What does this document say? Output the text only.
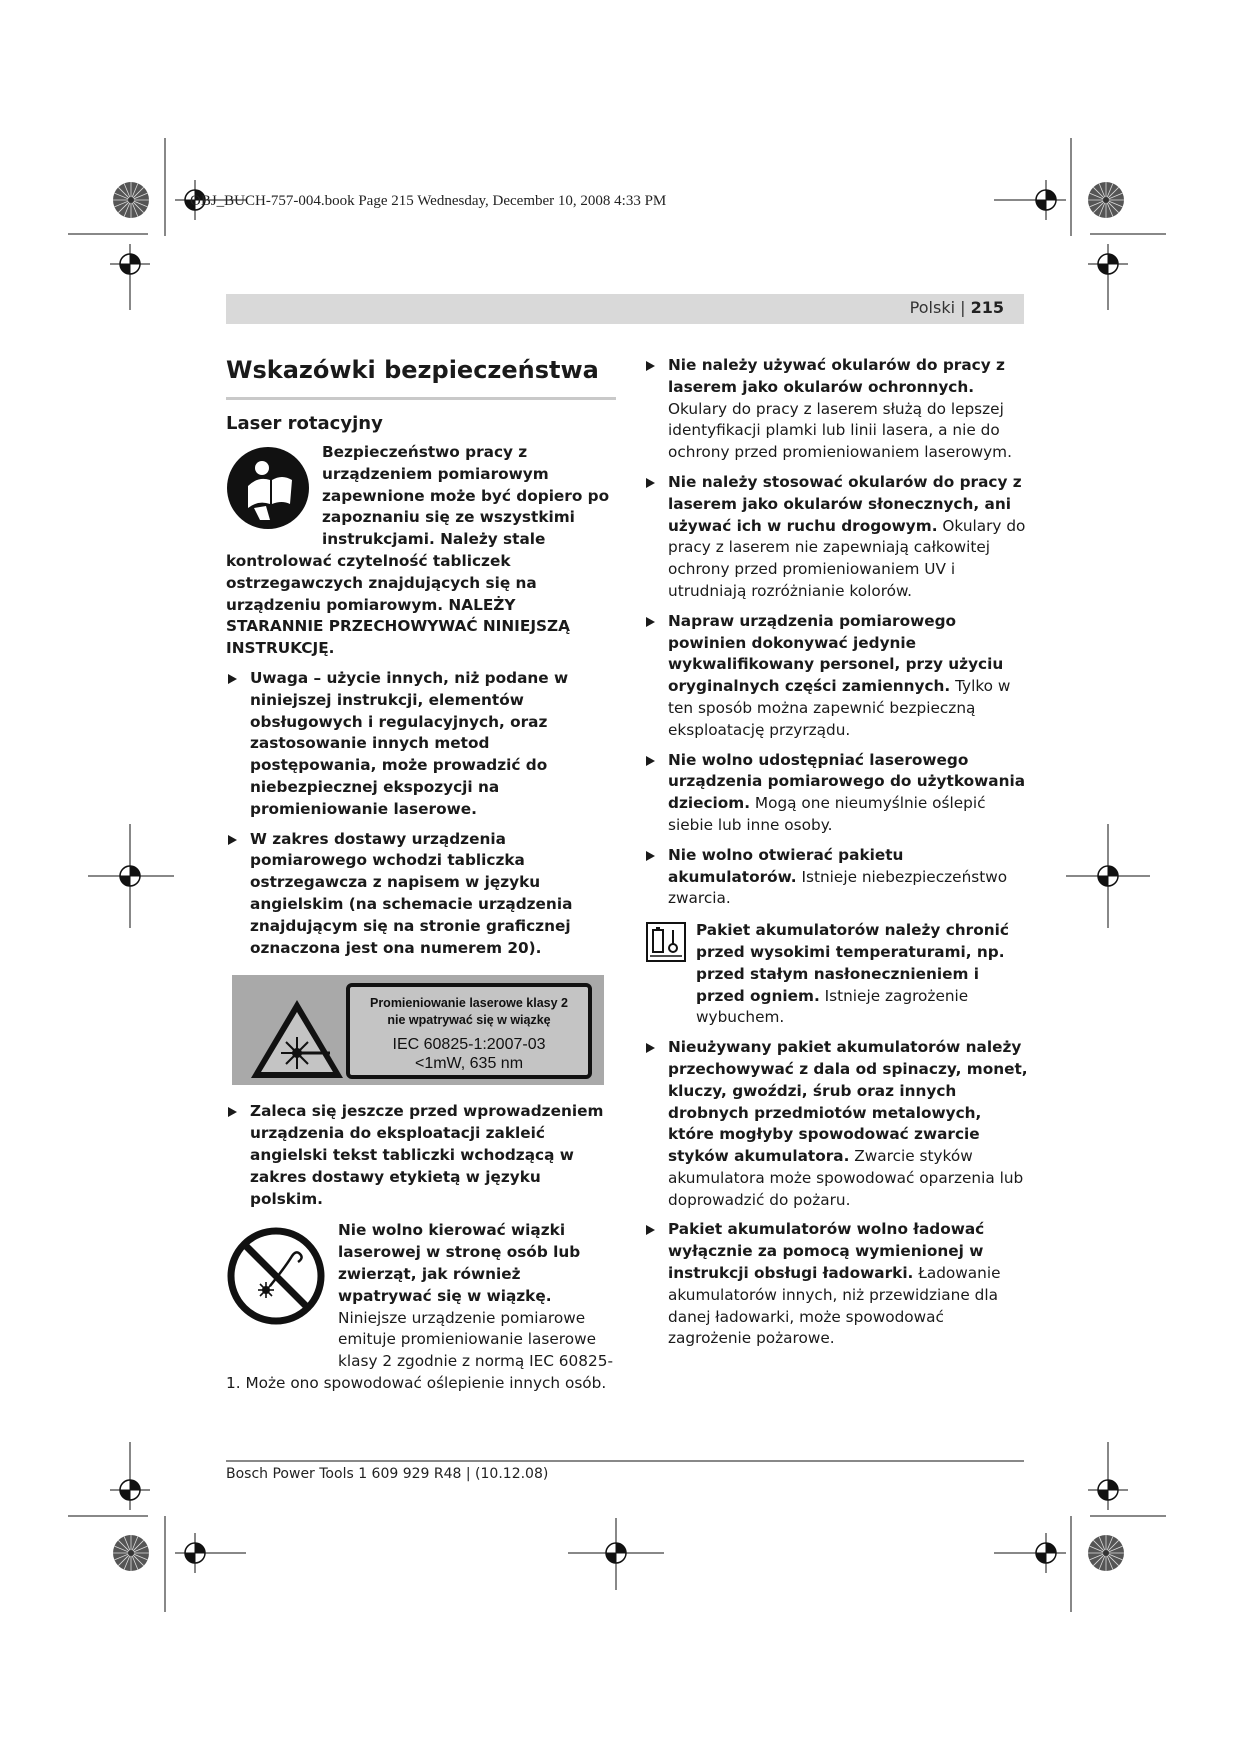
OBJ_BUCH-757-004.book Page 215 Wednesday, December 10, 2008 4:33 PM
Polski | 215
Wskazówki bezpieczeństwa
Laser rotacyjny
Bezpieczeństwo pracy z urządzeniem pomiarowym zapewnione może być dopiero po zapoznaniu się ze wszystkimi instrukcjami. Należy stale kontrolować czytelność tabliczek ostrzegawczych znajdujących się na urządzeniu pomiarowym. NALEŻY STARANNIE PRZECHOWYWAĆ NINIEJSZĄ INSTRUKCJĘ.
Uwaga – użycie innych, niż podane w niniejszej instrukcji, elementów obsługowych i regulacyjnych, oraz zastosowanie innych metod postępowania, może prowadzić do niebezpiecznej ekspozycji na promieniowanie laserowe.
W zakres dostawy urządzenia pomiarowego wchodzi tabliczka ostrzegawcza z napisem w języku angielskim (na schemacie urządzenia znajdującym się na stronie graficznej oznaczona jest ona numerem 20).
Promieniowanie laserowe klasy 2
nie wpatrywać się w wiązkę
IEC 60825-1:2007-03
<1mW, 635 nm
Zaleca się jeszcze przed wprowadzeniem urządzenia do eksploatacji zakleić angielski tekst tabliczki wchodzącą w zakres dostawy etykietą w języku polskim.
Nie wolno kierować wiązki laserowej w stronę osób lub zwierząt, jak również wpatrywać się w wiązkę. Niniejsze urządzenie pomiarowe emituje promieniowanie laserowe klasy 2 zgodnie z normą IEC 60825-1. Może ono spowodować oślepienie innych osób.
Nie należy używać okularów do pracy z laserem jako okularów ochronnych. Okulary do pracy z laserem służą do lepszej identyfikacji plamki lub linii lasera, a nie do ochrony przed promieniowaniem laserowym.
Nie należy stosować okularów do pracy z laserem jako okularów słonecznych, ani używać ich w ruchu drogowym. Okulary do pracy z laserem nie zapewniają całkowitej ochrony przed promieniowaniem UV i utrudniają rozróżnianie kolorów.
Napraw urządzenia pomiarowego powinien dokonywać jedynie wykwalifikowany personel, przy użyciu oryginalnych części zamiennych. Tylko w ten sposób można zapewnić bezpieczną eksploatację przyrządu.
Nie wolno udostępniać laserowego urządzenia pomiarowego do użytkowania dzieciom. Mogą one nieumyślnie oślepić siebie lub inne osoby.
Nie wolno otwierać pakietu akumulatorów. Istnieje niebezpieczeństwo zwarcia.
Pakiet akumulatorów należy chronić przed wysokimi temperaturami, np. przed stałym nasłonecznieniem i przed ogniem. Istnieje zagrożenie wybuchem.
Nieużywany pakiet akumulatorów należy przechowywać z dala od spinaczy, monet, kluczy, gwoździ, śrub oraz innych drobnych przedmiotów metalowych, które mogłyby spowodować zwarcie styków akumulatora. Zwarcie styków akumulatora może spowodować oparzenia lub doprowadzić do pożaru.
Pakiet akumulatorów wolno ładować wyłącznie za pomocą wymienionej w instrukcji obsługi ładowarki. Ładowanie akumulatorów innych, niż przewidziane dla danej ładowarki, może spowodować zagrożenie pożarowe.
Bosch Power Tools 1 609 929 R48 | (10.12.08)
